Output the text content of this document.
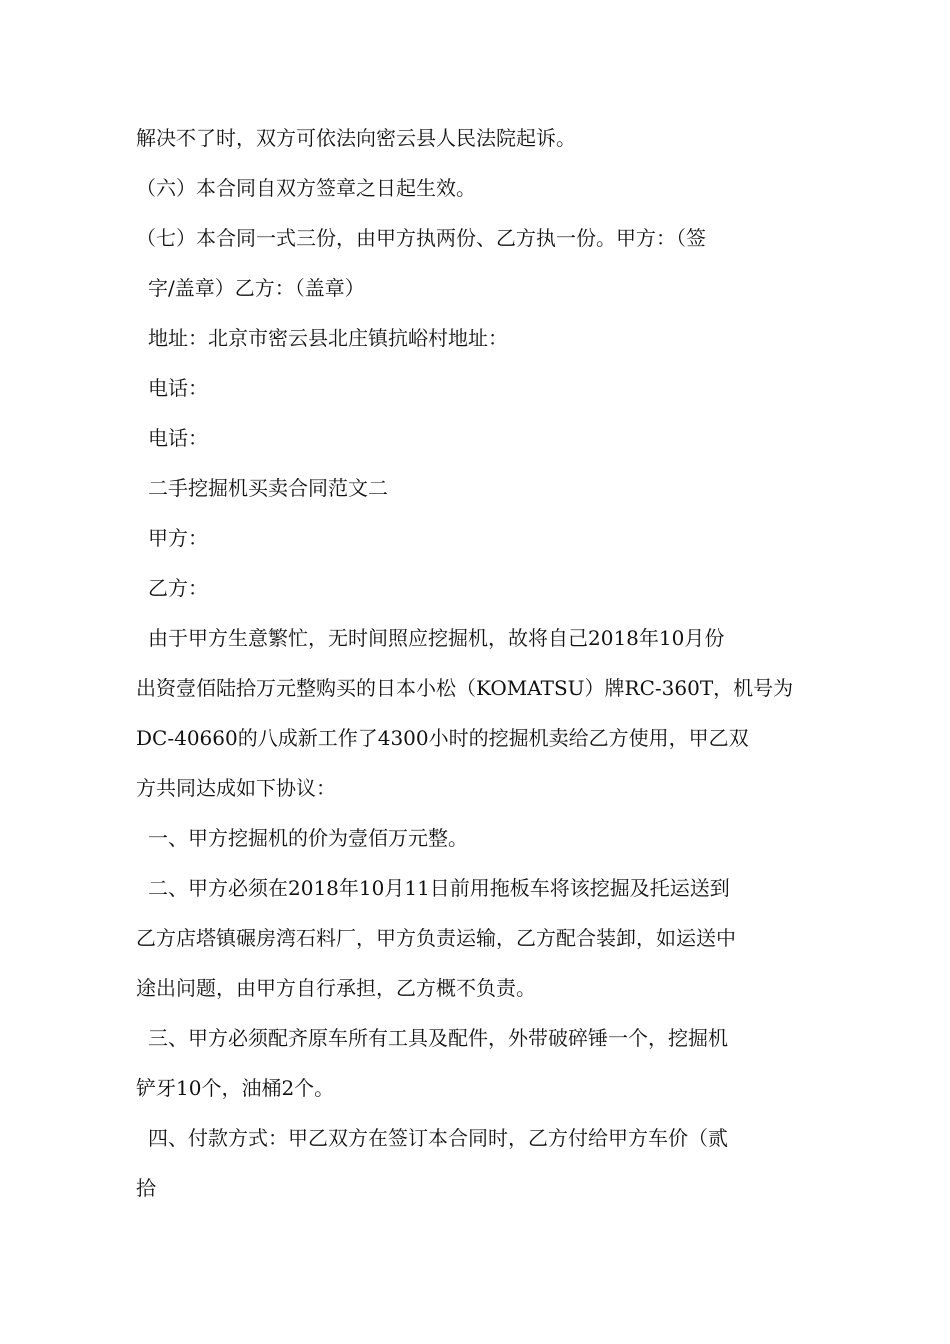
解决不了时，双方可依法向密云县人民法院起诉。

（六）本合同自双方签章之日起生效。

（七）本合同一式三份，由甲方执两份、乙方执一份。甲方：（签

字/盖章）乙方：（盖章）

地址：北京市密云县北庄镇抗峪村地址：

电话：

电话：

二手挖掘机买卖合同范文二

甲方：

乙方：

由于甲方生意繁忙，无时间照应挖掘机，故将自己2018年10月份

出资壹佰陆拾万元整购买的日本小松（KOMATSU）牌RC-360T，机号为

DC-40660的八成新工作了4300小时的挖掘机卖给乙方使用，甲乙双

方共同达成如下协议：

一、甲方挖掘机的价为壹佰万元整。

二、甲方必须在2018年10月11日前用拖板车将该挖掘及托运送到

乙方店塔镇碾房湾石料厂，甲方负责运输，乙方配合装卸，如运送中

途出问题，由甲方自行承担，乙方概不负责。

三、甲方必须配齐原车所有工具及配件，外带破碎锤一个，挖掘机

铲牙10个，油桶2个。

四、付款方式：甲乙双方在签订本合同时，乙方付给甲方车价（贰

拾
